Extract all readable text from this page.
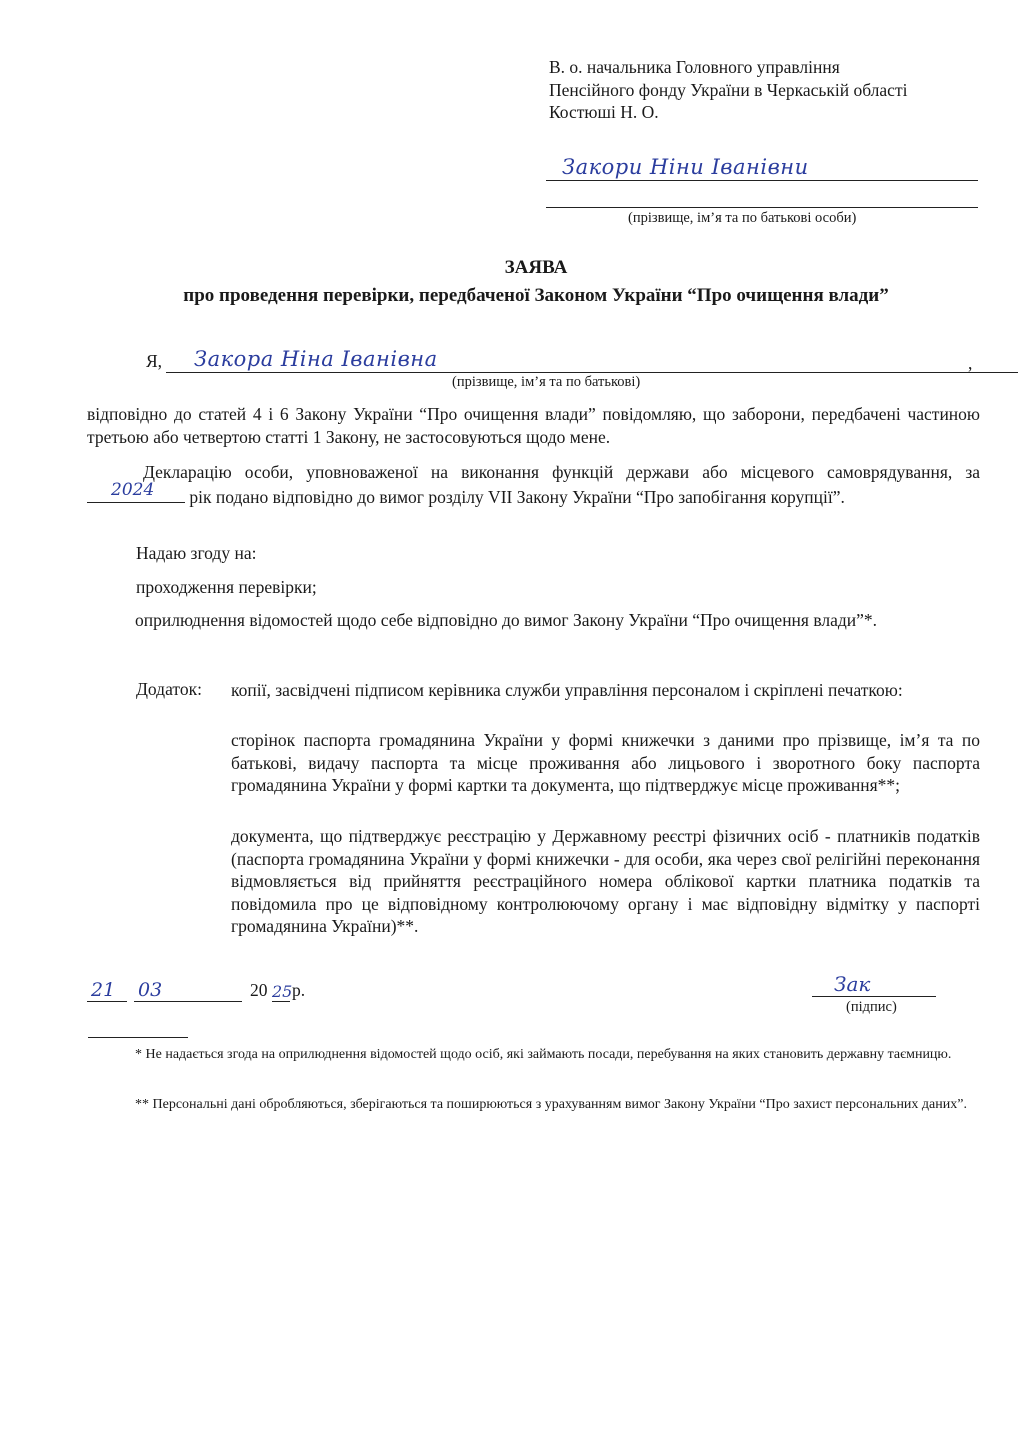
В. о. начальника Головного управління
Пенсійного фонду України в Черкаській області
Костюші Н. О.
Закори Ніни Іванівни
(прізвище, ім’я та по батькові особи)
ЗАЯВА
про проведення перевірки, передбаченої Законом України “Про очищення влади”
Я, Закора Ніна Іванівна	,
(прізвище, ім’я та по батькові)
відповідно до статей 4 і 6 Закону України “Про очищення влади” повідомляю, що заборони, передбачені частиною третьою або четвертою статті 1 Закону, не застосовуються щодо мене.
Декларацію особи, уповноваженої на виконання функцій держави або місцевого самоврядування, за
2024 рік подано відповідно до вимог розділу VII Закону України “Про запобігання корупції”.
Надаю згоду на:
проходження перевірки;
оприлюднення відомостей щодо себе відповідно до вимог Закону України “Про очищення влади”*.
Додаток: копії, засвідчені підписом керівника служби управління персоналом і скріплені печаткою:
сторінок паспорта громадянина України у формі книжечки з даними про прізвище, ім’я та по батькові, видачу паспорта та місце проживання або лицьового і зворотного боку паспорта громадянина України у формі картки та документа, що підтверджує місце проживання**;
документа, що підтверджує реєстрацію у Державному реєстрі фізичних осіб - платників податків (паспорта громадянина України у формі книжечки - для особи, яка через свої релігійні переконання відмовляється від прийняття реєстраційного номера облікової картки платника податків та повідомила про це відповідному контролюючому органу і має відповідну відмітку у паспорті громадянина України)**.
21 03	20 25 р.	Зак
(підпис)
* Не надається згода на оприлюднення відомостей щодо осіб, які займають посади, перебування на яких становить державну таємницю.
** Персональні дані обробляються, зберігаються та поширюються з урахуванням вимог Закону України “Про захист персональних даних”.
